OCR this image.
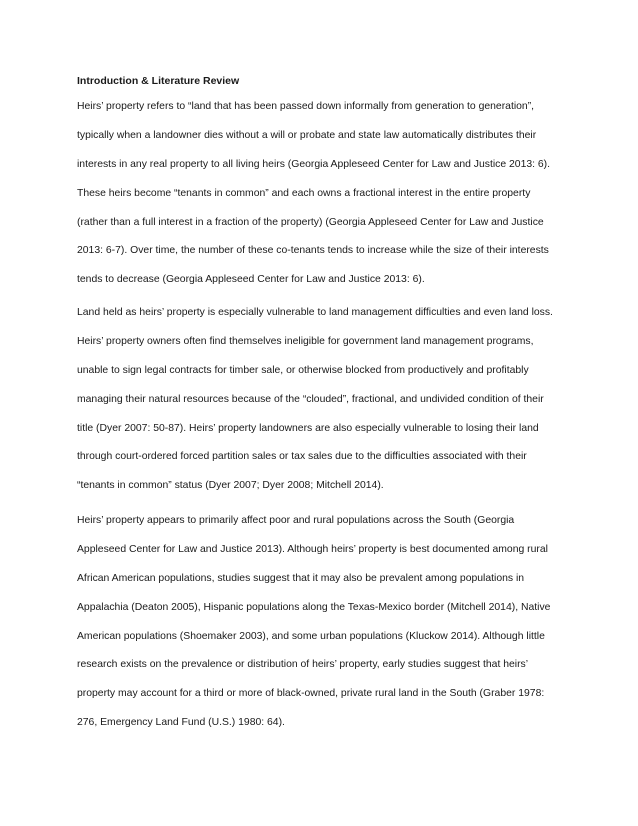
Introduction & Literature Review
Heirs’ property refers to “land that has been passed down informally from generation to generation”,
typically when a landowner dies without a will or probate and state law automatically distributes their
interests in any real property to all living heirs (Georgia Appleseed Center for Law and Justice 2013: 6).
These heirs become “tenants in common” and each owns a fractional interest in the entire property
(rather than a full interest in a fraction of the property) (Georgia Appleseed Center for Law and Justice
2013: 6-7). Over time, the number of these co-tenants tends to increase while the size of their interests
tends to decrease (Georgia Appleseed Center for Law and Justice 2013: 6).
Land held as heirs’ property is especially vulnerable to land management difficulties and even land loss.
Heirs’ property owners often find themselves ineligible for government land management programs,
unable to sign legal contracts for timber sale, or otherwise blocked from productively and profitably
managing their natural resources because of the “clouded”, fractional, and undivided condition of their
title (Dyer 2007: 50-87). Heirs’ property landowners are also especially vulnerable to losing their land
through court-ordered forced partition sales or tax sales due to the difficulties associated with their
“tenants in common” status (Dyer 2007; Dyer 2008; Mitchell 2014).
Heirs’ property appears to primarily affect poor and rural populations across the South (Georgia
Appleseed Center for Law and Justice 2013). Although heirs’ property is best documented among rural
African American populations, studies suggest that it may also be prevalent among populations in
Appalachia (Deaton 2005), Hispanic populations along the Texas-Mexico border (Mitchell 2014), Native
American populations (Shoemaker 2003), and some urban populations (Kluckow 2014). Although little
research exists on the prevalence or distribution of heirs’ property, early studies suggest that heirs’
property may account for a third or more of black-owned, private rural land in the South (Graber 1978:
276, Emergency Land Fund (U.S.) 1980: 64).
